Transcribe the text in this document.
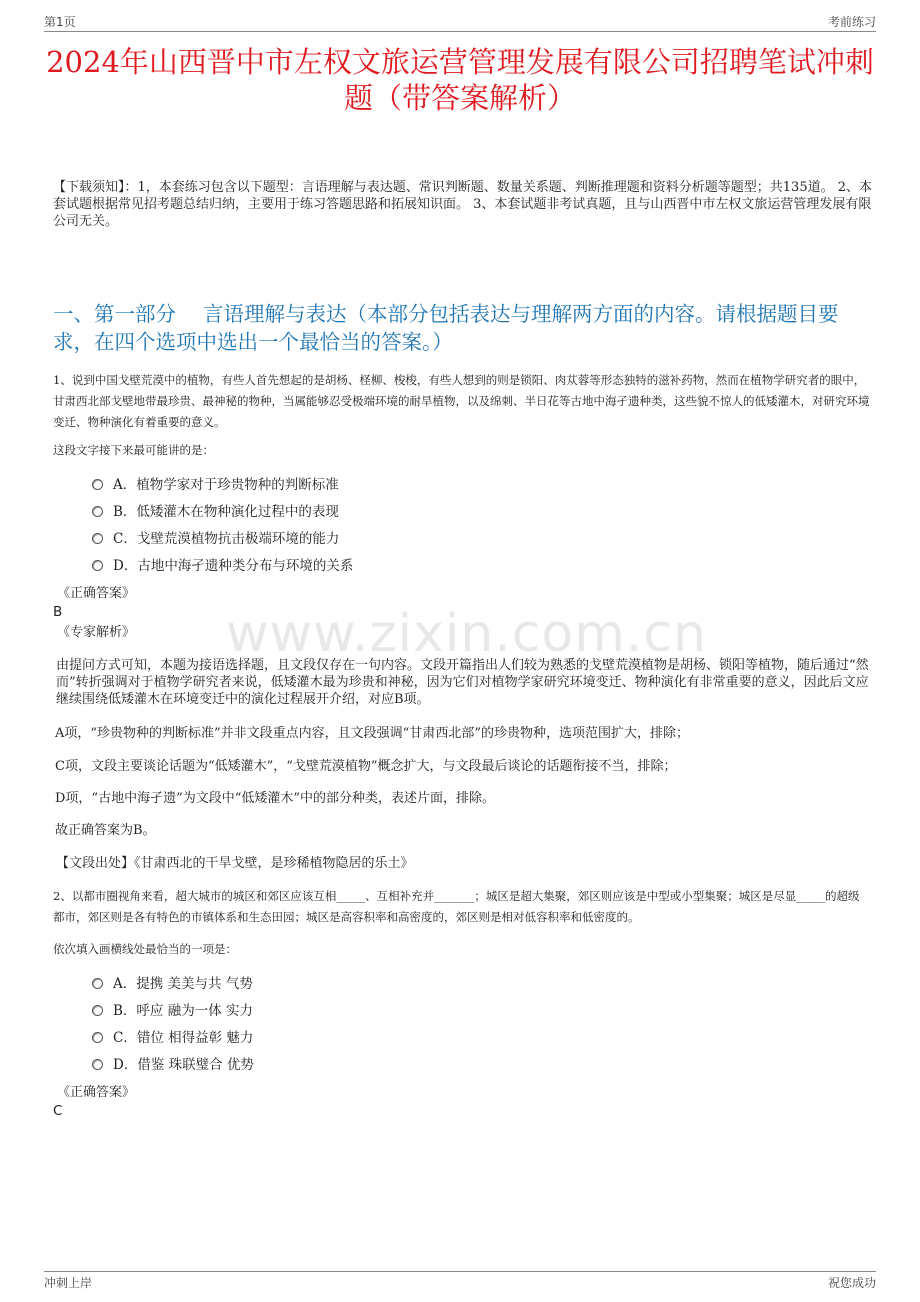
第1页	考前练习
www.zixin.com.cn
2024年山西晋中市左权文旅运营管理发展有限公司招聘笔试冲刺题（带答案解析）
【下载须知】：1，本套练习包含以下题型：言语理解与表达题、常识判断题、数量关系题、判断推理题和资料分析题等题型；共135道。 2、本套试题根据常见招考题总结归纳，主要用于练习答题思路和拓展知识面。 3、本套试题非考试真题，且与山西晋中市左权文旅运营管理发展有限公司无关。
一、第一部分　 言语理解与表达（本部分包括表达与理解两方面的内容。请根据题目要求，在四个选项中选出一个最恰当的答案。）
1、说到中国戈壁荒漠中的植物，有些人首先想起的是胡杨、柽柳、梭梭，有些人想到的则是锁阳、肉苁蓉等形态独特的滋补药物，然而在植物学研究者的眼中，甘肃西北部戈壁地带最珍贵、最神秘的物种，当属能够忍受极端环境的耐旱植物，以及绵刺、半日花等古地中海孑遗种类，这些貌不惊人的低矮灌木，对研究环境变迁、物种演化有着重要的意义。
这段文字接下来最可能讲的是：
A．植物学家对于珍贵物种的判断标准
B．低矮灌木在物种演化过程中的表现
C．戈壁荒漠植物抗击极端环境的能力
D．古地中海孑遗种类分布与环境的关系
《正确答案》
B
《专家解析》
由提问方式可知，本题为接语选择题，且文段仅存在一句内容。文段开篇指出人们较为熟悉的戈壁荒漠植物是胡杨、锁阳等植物，随后通过“然而”转折强调对于植物学研究者来说，低矮灌木最为珍贵和神秘，因为它们对植物学家研究环境变迁、物种演化有非常重要的意义，因此后文应继续围绕低矮灌木在环境变迁中的演化过程展开介绍，对应B项。
A项，“珍贵物种的判断标准”并非文段重点内容，且文段强调“甘肃西北部”的珍贵物种，选项范围扩大，排除；
C项，文段主要谈论话题为“低矮灌木”，“戈壁荒漠植物”概念扩大，与文段最后谈论的话题衔接不当，排除；
D项，“古地中海孑遗”为文段中“低矮灌木”中的部分种类，表述片面，排除。
故正确答案为B。
【文段出处】《甘肃西北的干旱戈壁，是珍稀植物隐居的乐土》
2、以都市圈视角来看，超大城市的城区和郊区应该互相_____、互相补充并_______；城区是超大集聚，郊区则应该是中型或小型集聚；城区是尽显_____的超级都市，郊区则是各有特色的市镇体系和生态田园；城区是高容积率和高密度的，郊区则是相对低容积率和低密度的。
依次填入画横线处最恰当的一项是：
A．提携 美美与共 气势
B．呼应 融为一体 实力
C．错位 相得益彰 魅力
D．借鉴 珠联璧合 优势
《正确答案》
C
冲刺上岸	祝您成功
